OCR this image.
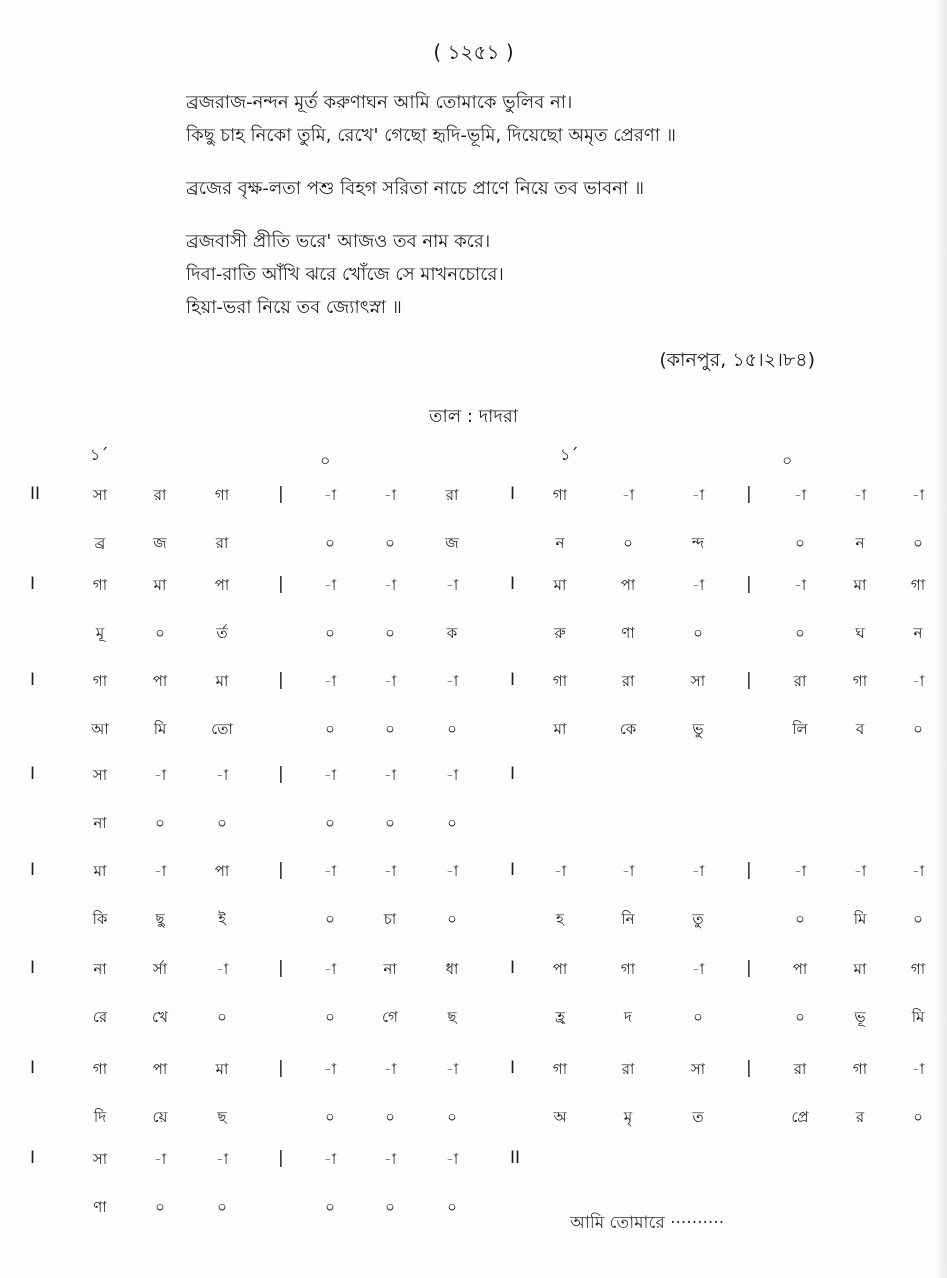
( ১২৫১ )
ব্রজরাজ-নন্দন মূর্ত করুণাঘন আমি তোমাকে ভুলিব না।
কিছু চাহ নিকো তুমি, রেখে' গেছো হৃদি-ভূমি, দিয়েছো অমৃত প্রেরণা ॥
ব্রজের বৃক্ষ-লতা পশু বিহগ সরিতা নাচে প্রাণে নিয়ে তব ভাবনা ॥
ব্রজবাসী প্রীতি ভরে' আজও তব নাম করে।
দিবা-রাতি আঁখি ঝরে খোঁজে সে মাখনচোরে।
হিয়া-ভরা নিয়ে তব জ্যোৎস্না ॥
(কানপুর, ১৫।২।৮৪)
তাল : দাদরা
১´	০	১´	০
II	সা	রা	গা	|	-া	-া	রা	I	গা	-া	-া |	-া	-া	-া
ব্র	জ	রা	০	০	জ	ন	০	ন্দ	০	ন	০
I	গা	মা	পা	|	-া	-া	-া	I	মা	পা	-া |	-া	মা	গা
মূ	০	র্ত	০	০	ক	রু	ণা	০	০	ঘ	ন
I	গা	পা	মা	|	-া	-া	-া	I	গা	রা	সা |	রা	গা	-া
আ	মি	তো	০	০	০	মা	কে	ভু	লি	ব	০
I	সা	-া	-া	|	-া	-া	-া	I
না	০	০	০	০	০
I	মা	-া	পা	|	-া	-া	-া	I	-া	-া	-া |	-া	-া	-া
কি	ছু	ই	০	চা	০	হ	নি	তু	০	মি	০
I	না	র্সা	-া	|	-া	না	ধা	I	পা	গা	-া |	পা	মা	গা
রে	খে	০	০	গে	ছ	হ্র	দ	০	০	ভূ	মি
I	গা	পা	মা	|	-া	-া	-া	I	গা	রা	সা |	রা	গা	-া
দি	য়ে	ছ	০	০	০	অ	মৃ	ত	প্রে	র	০
I	সা	-া	-া	|	-া	-া	-া	II
ণা	০	০	০	০	০
আমি তোমারে ··········
